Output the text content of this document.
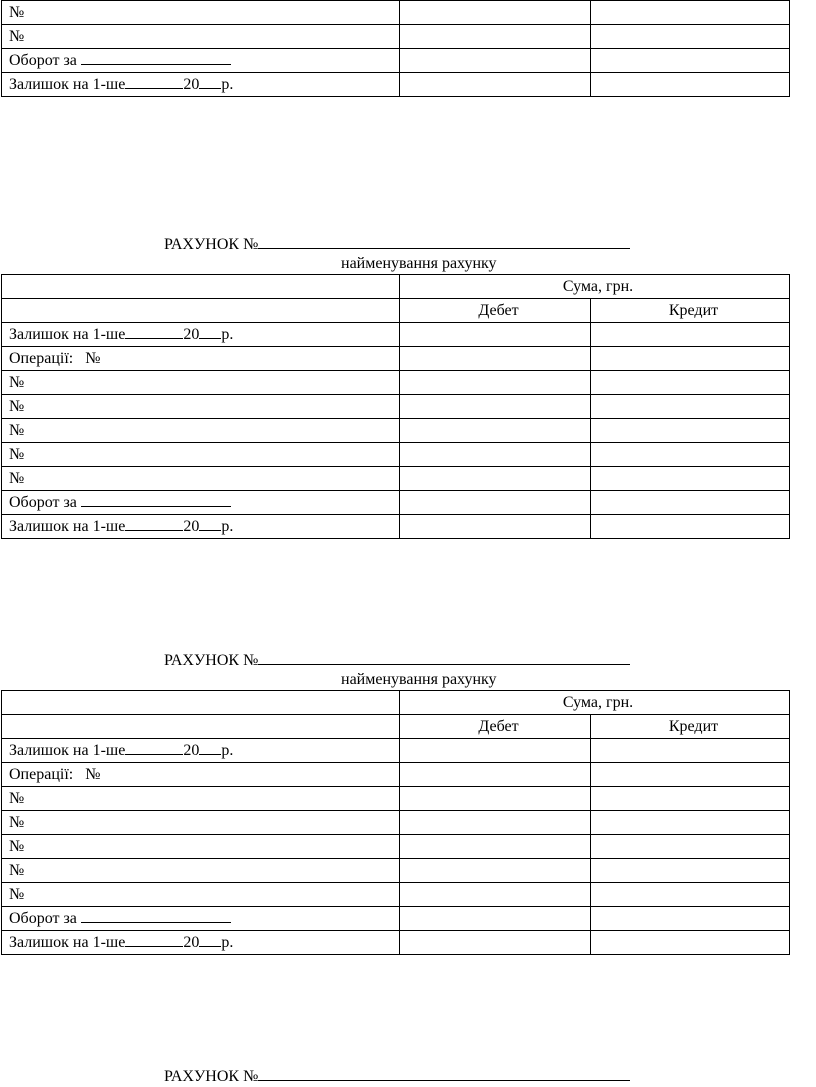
№		
№		
Оборот за		
Залишок на 1-ше 20 р.		
РАХУНОК №
найменування рахунку
	Сума, грн.	
	Дебет	Кредит
Залишок на 1-ше 20 р.		
Операції: №		
№		
№		
№		
№		
№		
Оборот за		
Залишок на 1-ше 20 р.		
РАХУНОК №
найменування рахунку
	Сума, грн.	
	Дебет	Кредит
Залишок на 1-ше 20 р.		
Операції: №		
№		
№		
№		
№		
№		
Оборот за		
Залишок на 1-ше 20 р.		
РАХУНОК №
